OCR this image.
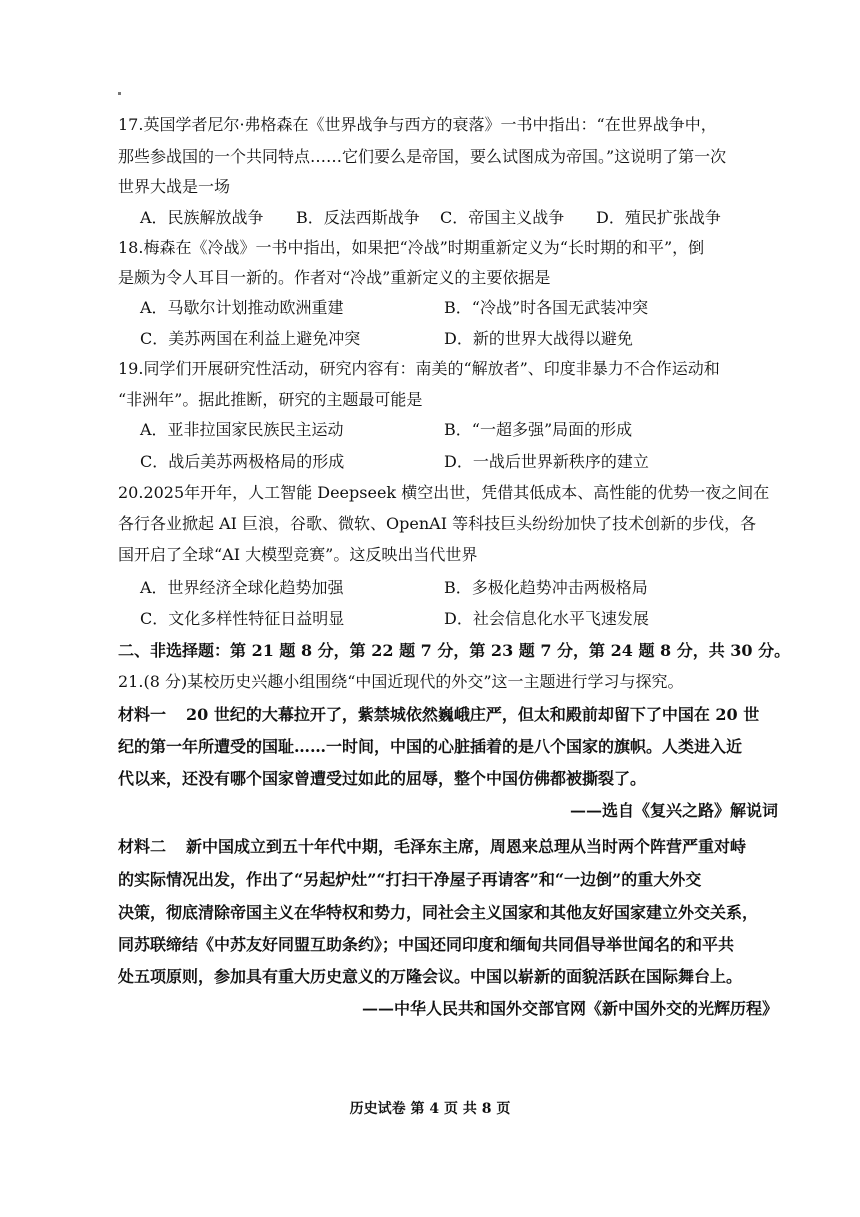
17.英国学者尼尔·弗格森在《世界战争与西方的衰落》一书中指出：“在世界战争中，
那些参战国的一个共同特点……它们要么是帝国，要么试图成为帝国。”这说明了第一次
世界大战是一场
A．民族解放战争 B．反法西斯战争 C．帝国主义战争 D．殖民扩张战争
18.梅森在《冷战》一书中指出，如果把“冷战”时期重新定义为“长时期的和平”，倒
是颇为令人耳目一新的。作者对“冷战”重新定义的主要依据是
A．马歇尔计划推动欧洲重建	B．“冷战”时各国无武装冲突
C．美苏两国在利益上避免冲突	D．新的世界大战得以避免
19.同学们开展研究性活动，研究内容有：南美的“解放者”、印度非暴力不合作运动和
“非洲年”。据此推断，研究的主题最可能是
A．亚非拉国家民族民主运动	B．“一超多强”局面的形成
C．战后美苏两极格局的形成	D．一战后世界新秩序的建立
20.2025年开年，人工智能 Deepseek 横空出世，凭借其低成本、高性能的优势一夜之间在
各行各业掀起 AI 巨浪，谷歌、微软、OpenAI 等科技巨头纷纷加快了技术创新的步伐，各
国开启了全球“AI 大模型竞赛”。这反映出当代世界
A．世界经济全球化趋势加强	B．多极化趋势冲击两极格局
C．文化多样性特征日益明显	D．社会信息化水平飞速发展
二、非选择题：第 21 题 8 分，第 22 题 7 分，第 23 题 7 分，第 24 题 8 分，共 30 分。
21.(8 分)某校历史兴趣小组围绕“中国近现代的外交”这一主题进行学习与探究。
材料一 20 世纪的大幕拉开了，紫禁城依然巍峨庄严，但太和殿前却留下了中国在 20 世
纪的第一年所遭受的国耻……一时间，中国的心脏插着的是八个国家的旗帜。人类进入近
代以来，还没有哪个国家曾遭受过如此的屈辱，整个中国仿佛都被撕裂了。
——选自《复兴之路》解说词
材料二 新中国成立到五十年代中期，毛泽东主席，周恩来总理从当时两个阵营严重对峙
的实际情况出发，作出了“另起炉灶”“打扫干净屋子再请客”和“一边倒”的重大外交
决策，彻底清除帝国主义在华特权和势力，同社会主义国家和其他友好国家建立外交关系，
同苏联缔结《中苏友好同盟互助条约》；中国还同印度和缅甸共同倡导举世闻名的和平共
处五项原则，参加具有重大历史意义的万隆会议。中国以崭新的面貌活跃在国际舞台上。
——中华人民共和国外交部官网《新中国外交的光辉历程》
历史试卷 第 4 页 共 8 页
